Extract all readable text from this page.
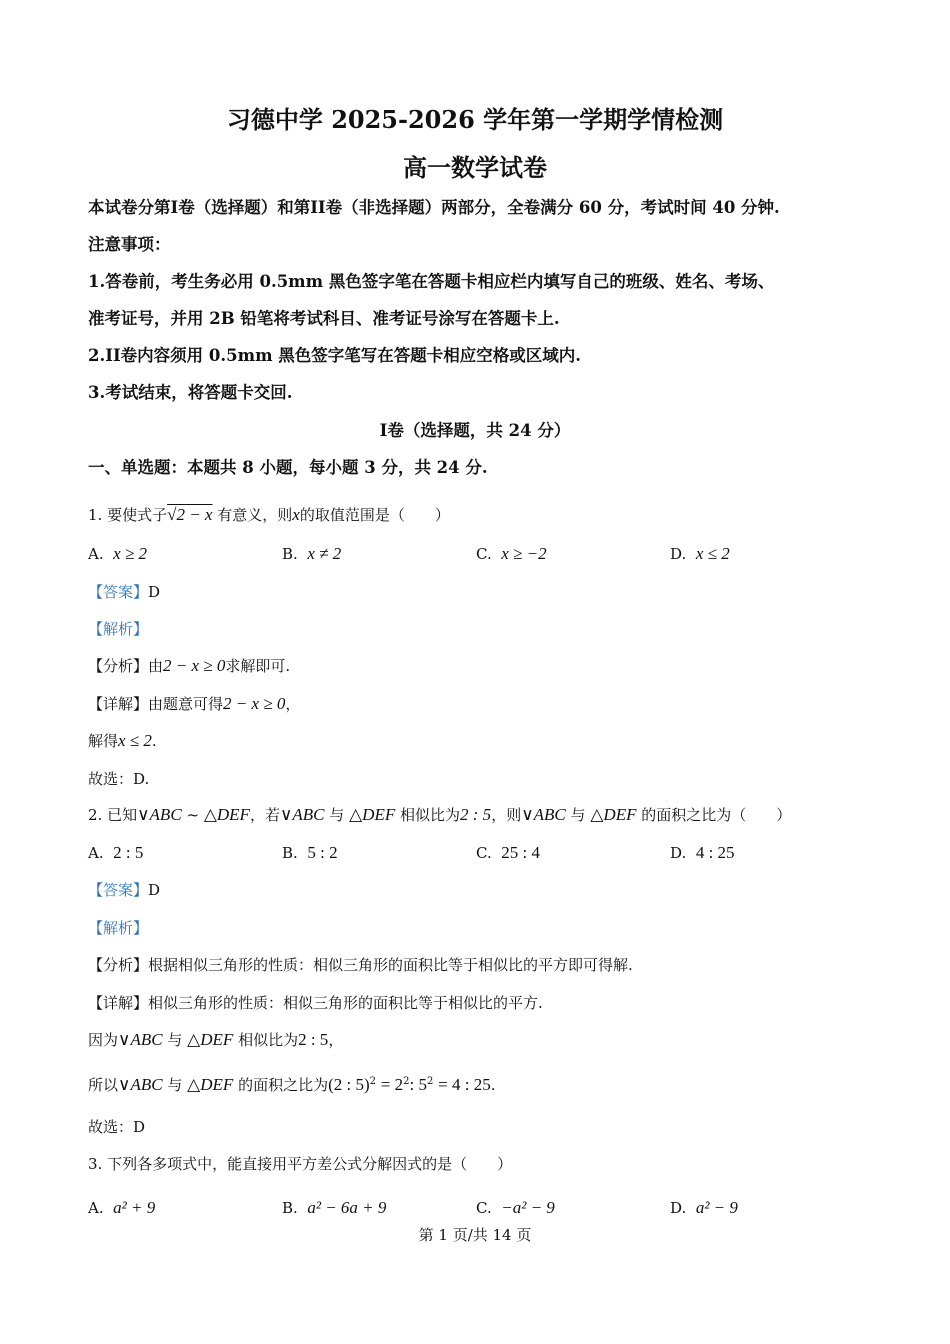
习德中学 2025-2026 学年第一学期学情检测
高一数学试卷
本试卷分第I卷（选择题）和第II卷（非选择题）两部分，全卷满分 60 分，考试时间 40 分钟.
注意事项：
1.答卷前，考生务必用 0.5mm 黑色签字笔在答题卡相应栏内填写自己的班级、姓名、考场、
准考证号，并用 2B 铅笔将考试科目、准考证号涂写在答题卡上.
2.II卷内容须用 0.5mm 黑色签字笔写在答题卡相应空格或区域内.
3.考试结束，将答题卡交回.
I卷（选择题，共 24 分）
一、单选题：本题共 8 小题，每小题 3 分，共 24 分.
1. 要使式子√2 − x 有意义，则x的取值范围是（　　）
A. x ≥ 2	B. x ≠ 2	C. x ≥ −2	D. x ≤ 2
【答案】D
【解析】
【分析】由2 − x ≥ 0求解即可.
【详解】由题意可得2 − x ≥ 0，
解得x ≤ 2.
故选：D.
2. 已知∨ABC ~ △DEF，若∨ABC 与 △DEF 相似比为2 : 5，则∨ABC 与 △DEF 的面积之比为（　　）
A. 2 : 5	B. 5 : 2	C. 25 : 4	D. 4 : 25
【答案】D
【解析】
【分析】根据相似三角形的性质：相似三角形的面积比等于相似比的平方即可得解.
【详解】相似三角形的性质：相似三角形的面积比等于相似比的平方.
因为∨ABC 与 △DEF 相似比为2 : 5，
所以∨ABC 与 △DEF 的面积之比为(2 : $5)^2 = 2^2$: $5^2 = 4$ : 25.
故选：D
3. 下列各多项式中，能直接用平方差公式分解因式的是（　　）
A. a² + 9	B. a² − 6a + 9	C. −a² − 9	D. a² − 9
第 1 页/共 14 页
